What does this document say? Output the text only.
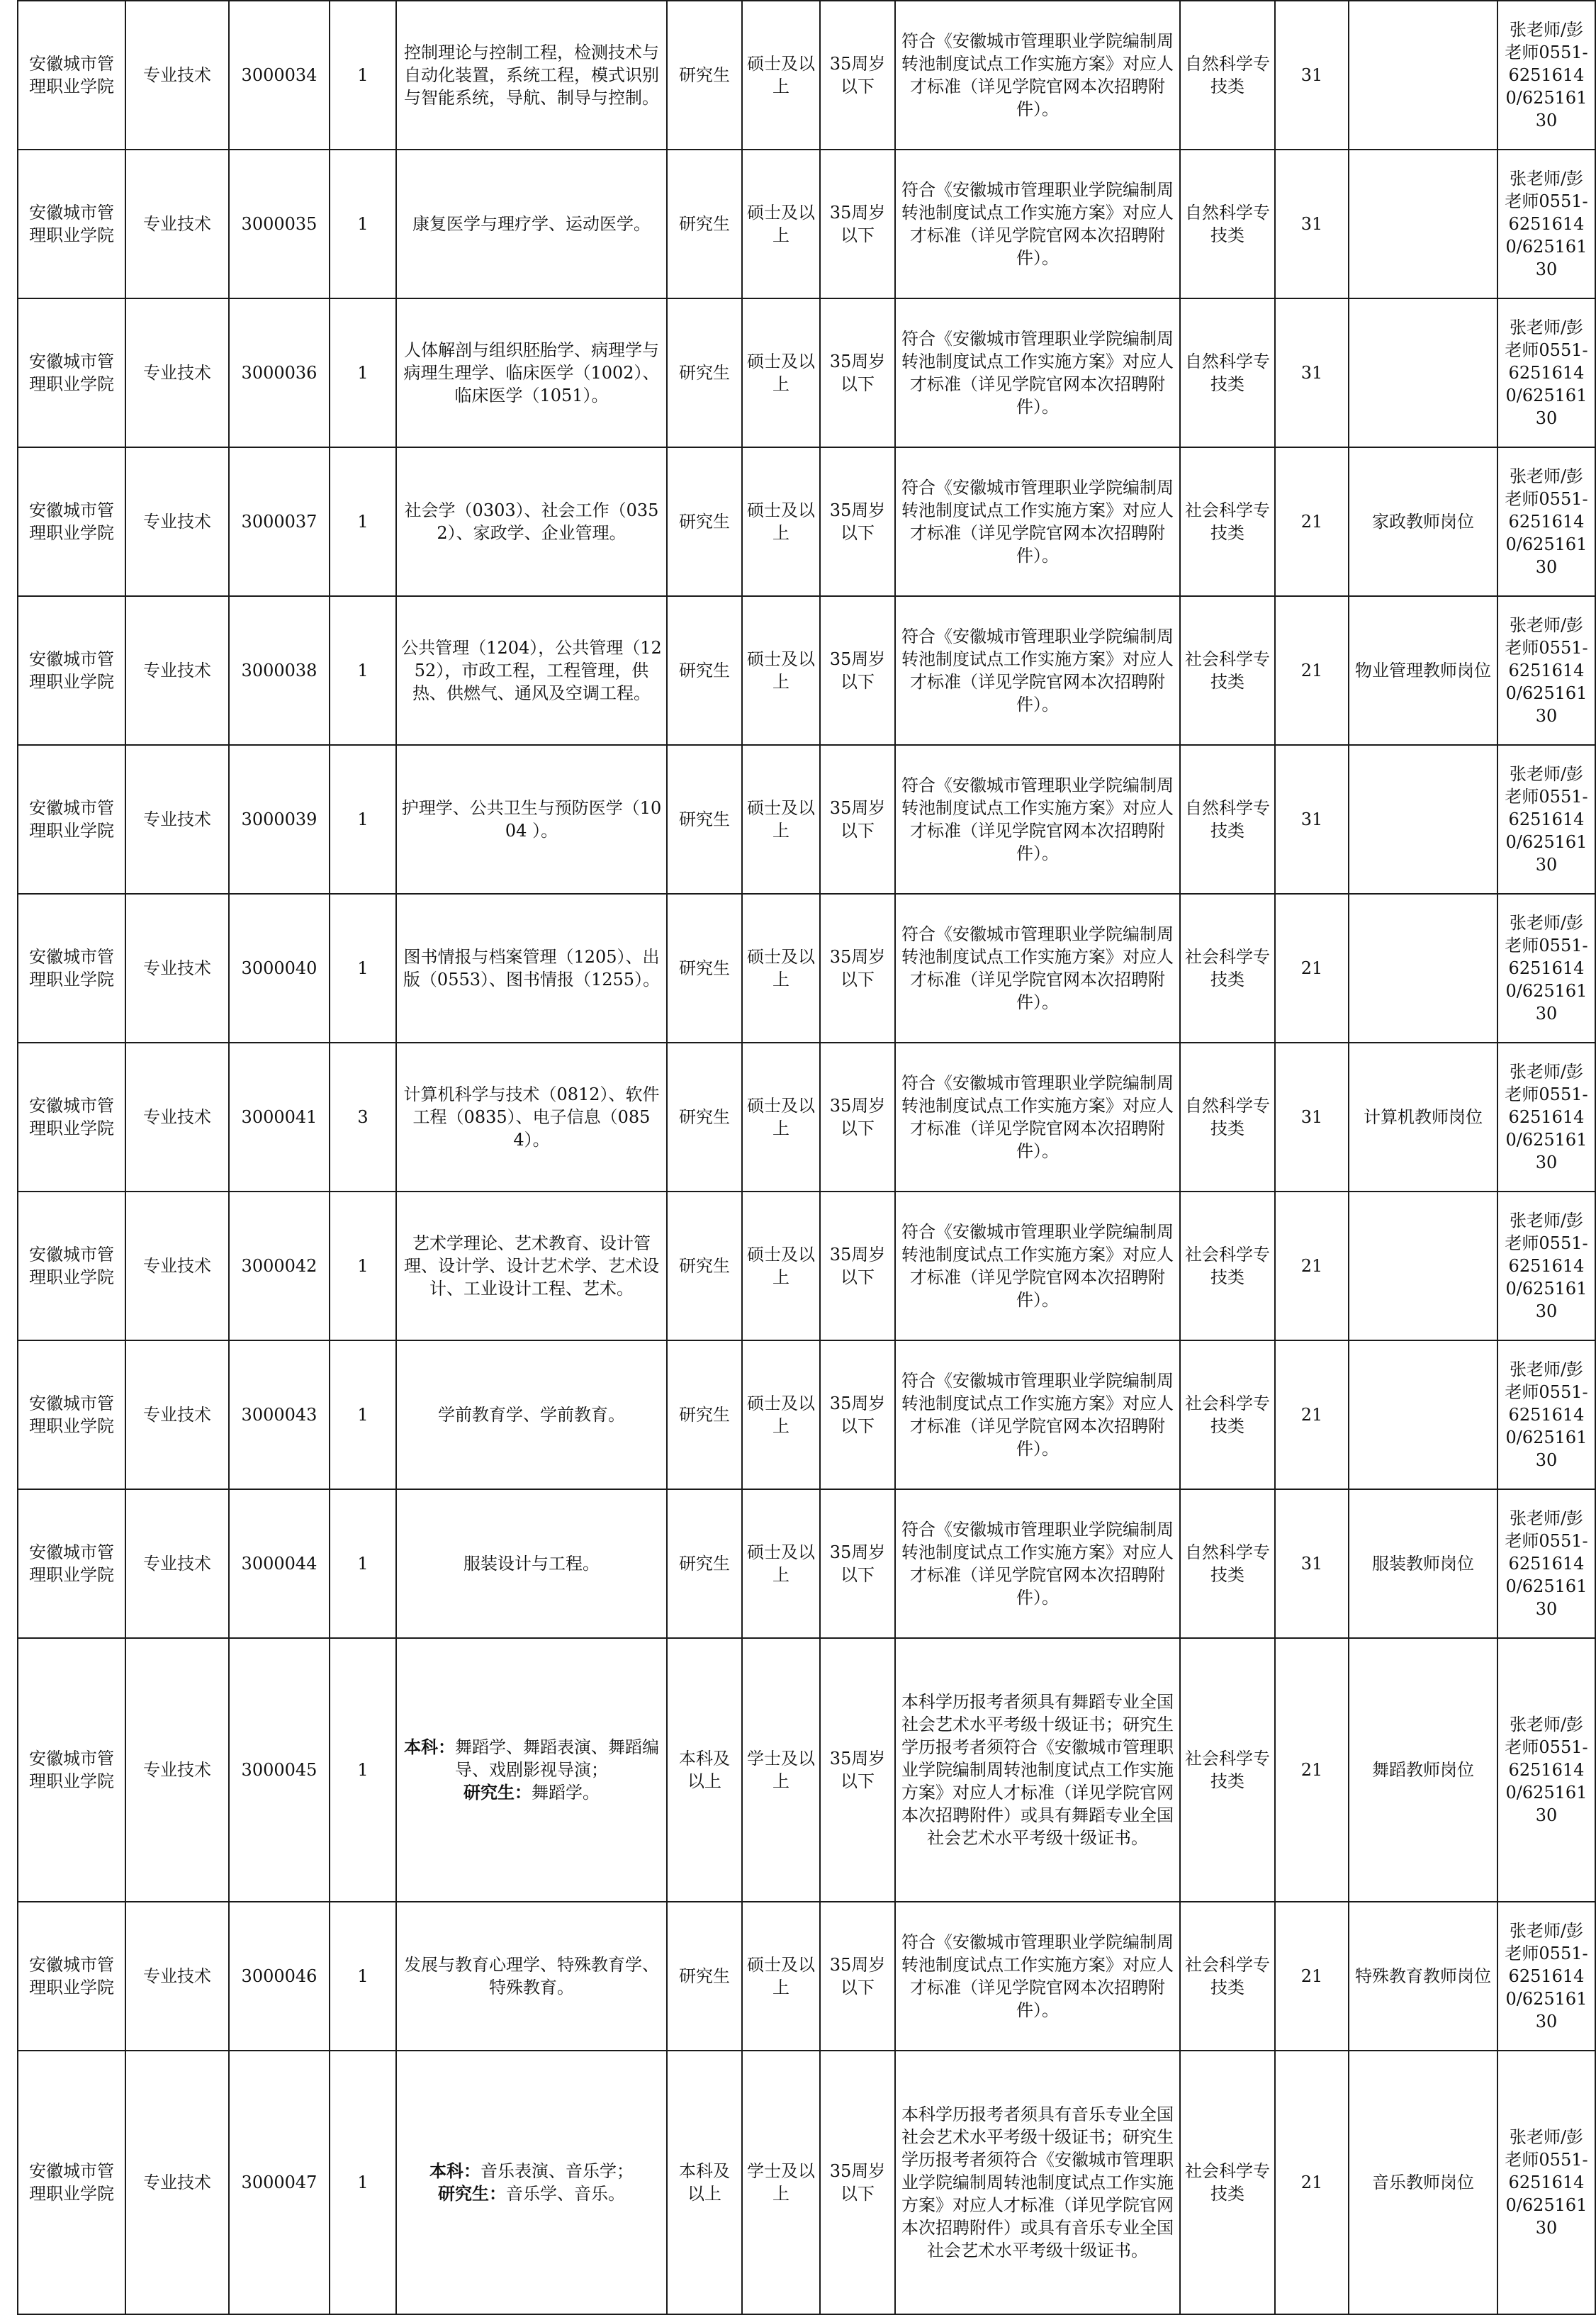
安徽城市管理职业学院	专业技术	3000034	1	控制理论与控制工程，检测技术与自动化装置，系统工程，模式识别与智能系统，导航、制导与控制。	研究生	硕士及以上	35周岁以下	符合《安徽城市管理职业学院编制周转池制度试点工作实施方案》对应人才标准（详见学院官网本次招聘附件）。	自然科学专技类	31		张老师/彭老师0551-62516140/62516130
安徽城市管理职业学院	专业技术	3000035	1	康复医学与理疗学、运动医学。	研究生	硕士及以上	35周岁以下	符合《安徽城市管理职业学院编制周转池制度试点工作实施方案》对应人才标准（详见学院官网本次招聘附件）。	自然科学专技类	31		张老师/彭老师0551-62516140/62516130
安徽城市管理职业学院	专业技术	3000036	1	人体解剖与组织胚胎学、病理学与病理生理学、临床医学（1002）、临床医学（1051）。	研究生	硕士及以上	35周岁以下	符合《安徽城市管理职业学院编制周转池制度试点工作实施方案》对应人才标准（详见学院官网本次招聘附件）。	自然科学专技类	31		张老师/彭老师0551-62516140/62516130
安徽城市管理职业学院	专业技术	3000037	1	社会学（0303）、社会工作（0352）、家政学、企业管理。	研究生	硕士及以上	35周岁以下	符合《安徽城市管理职业学院编制周转池制度试点工作实施方案》对应人才标准（详见学院官网本次招聘附件）。	社会科学专技类	21	家政教师岗位	张老师/彭老师0551-62516140/62516130
安徽城市管理职业学院	专业技术	3000038	1	公共管理（1204），公共管理（1252），市政工程，工程管理，供热、供燃气、通风及空调工程。	研究生	硕士及以上	35周岁以下	符合《安徽城市管理职业学院编制周转池制度试点工作实施方案》对应人才标准（详见学院官网本次招聘附件）。	社会科学专技类	21	物业管理教师岗位	张老师/彭老师0551-62516140/62516130
安徽城市管理职业学院	专业技术	3000039	1	护理学、公共卫生与预防医学（1004 ）。	研究生	硕士及以上	35周岁以下	符合《安徽城市管理职业学院编制周转池制度试点工作实施方案》对应人才标准（详见学院官网本次招聘附件）。	自然科学专技类	31		张老师/彭老师0551-62516140/62516130
安徽城市管理职业学院	专业技术	3000040	1	图书情报与档案管理（1205）、出版（0553）、图书情报（1255）。	研究生	硕士及以上	35周岁以下	符合《安徽城市管理职业学院编制周转池制度试点工作实施方案》对应人才标准（详见学院官网本次招聘附件）。	社会科学专技类	21		张老师/彭老师0551-62516140/62516130
安徽城市管理职业学院	专业技术	3000041	3	计算机科学与技术（0812）、软件工程（0835）、电子信息（0854）。	研究生	硕士及以上	35周岁以下	符合《安徽城市管理职业学院编制周转池制度试点工作实施方案》对应人才标准（详见学院官网本次招聘附件）。	自然科学专技类	31	计算机教师岗位	张老师/彭老师0551-62516140/62516130
安徽城市管理职业学院	专业技术	3000042	1	艺术学理论、艺术教育、设计管理、设计学、设计艺术学、艺术设计、工业设计工程、艺术。	研究生	硕士及以上	35周岁以下	符合《安徽城市管理职业学院编制周转池制度试点工作实施方案》对应人才标准（详见学院官网本次招聘附件）。	社会科学专技类	21		张老师/彭老师0551-62516140/62516130
安徽城市管理职业学院	专业技术	3000043	1	学前教育学、学前教育。	研究生	硕士及以上	35周岁以下	符合《安徽城市管理职业学院编制周转池制度试点工作实施方案》对应人才标准（详见学院官网本次招聘附件）。	社会科学专技类	21		张老师/彭老师0551-62516140/62516130
安徽城市管理职业学院	专业技术	3000044	1	服装设计与工程。	研究生	硕士及以上	35周岁以下	符合《安徽城市管理职业学院编制周转池制度试点工作实施方案》对应人才标准（详见学院官网本次招聘附件）。	自然科学专技类	31	服装教师岗位	张老师/彭老师0551-62516140/62516130
安徽城市管理职业学院	专业技术	3000045	1	本科：舞蹈学、舞蹈表演、舞蹈编导、戏剧影视导演；
研究生：舞蹈学。	本科及以上	学士及以上	35周岁以下	本科学历报考者须具有舞蹈专业全国社会艺术水平考级十级证书；研究生学历报考者须符合《安徽城市管理职业学院编制周转池制度试点工作实施方案》对应人才标准（详见学院官网本次招聘附件）或具有舞蹈专业全国社会艺术水平考级十级证书。	社会科学专技类	21	舞蹈教师岗位	张老师/彭老师0551-62516140/62516130
安徽城市管理职业学院	专业技术	3000046	1	发展与教育心理学、特殊教育学、特殊教育。	研究生	硕士及以上	35周岁以下	符合《安徽城市管理职业学院编制周转池制度试点工作实施方案》对应人才标准（详见学院官网本次招聘附件）。	社会科学专技类	21	特殊教育教师岗位	张老师/彭老师0551-62516140/62516130
安徽城市管理职业学院	专业技术	3000047	1	本科：音乐表演、音乐学；
研究生：音乐学、音乐。	本科及以上	学士及以上	35周岁以下	本科学历报考者须具有音乐专业全国社会艺术水平考级十级证书；研究生学历报考者须符合《安徽城市管理职业学院编制周转池制度试点工作实施方案》对应人才标准（详见学院官网本次招聘附件）或具有音乐专业全国社会艺术水平考级十级证书。	社会科学专技类	21	音乐教师岗位	张老师/彭老师0551-62516140/62516130
